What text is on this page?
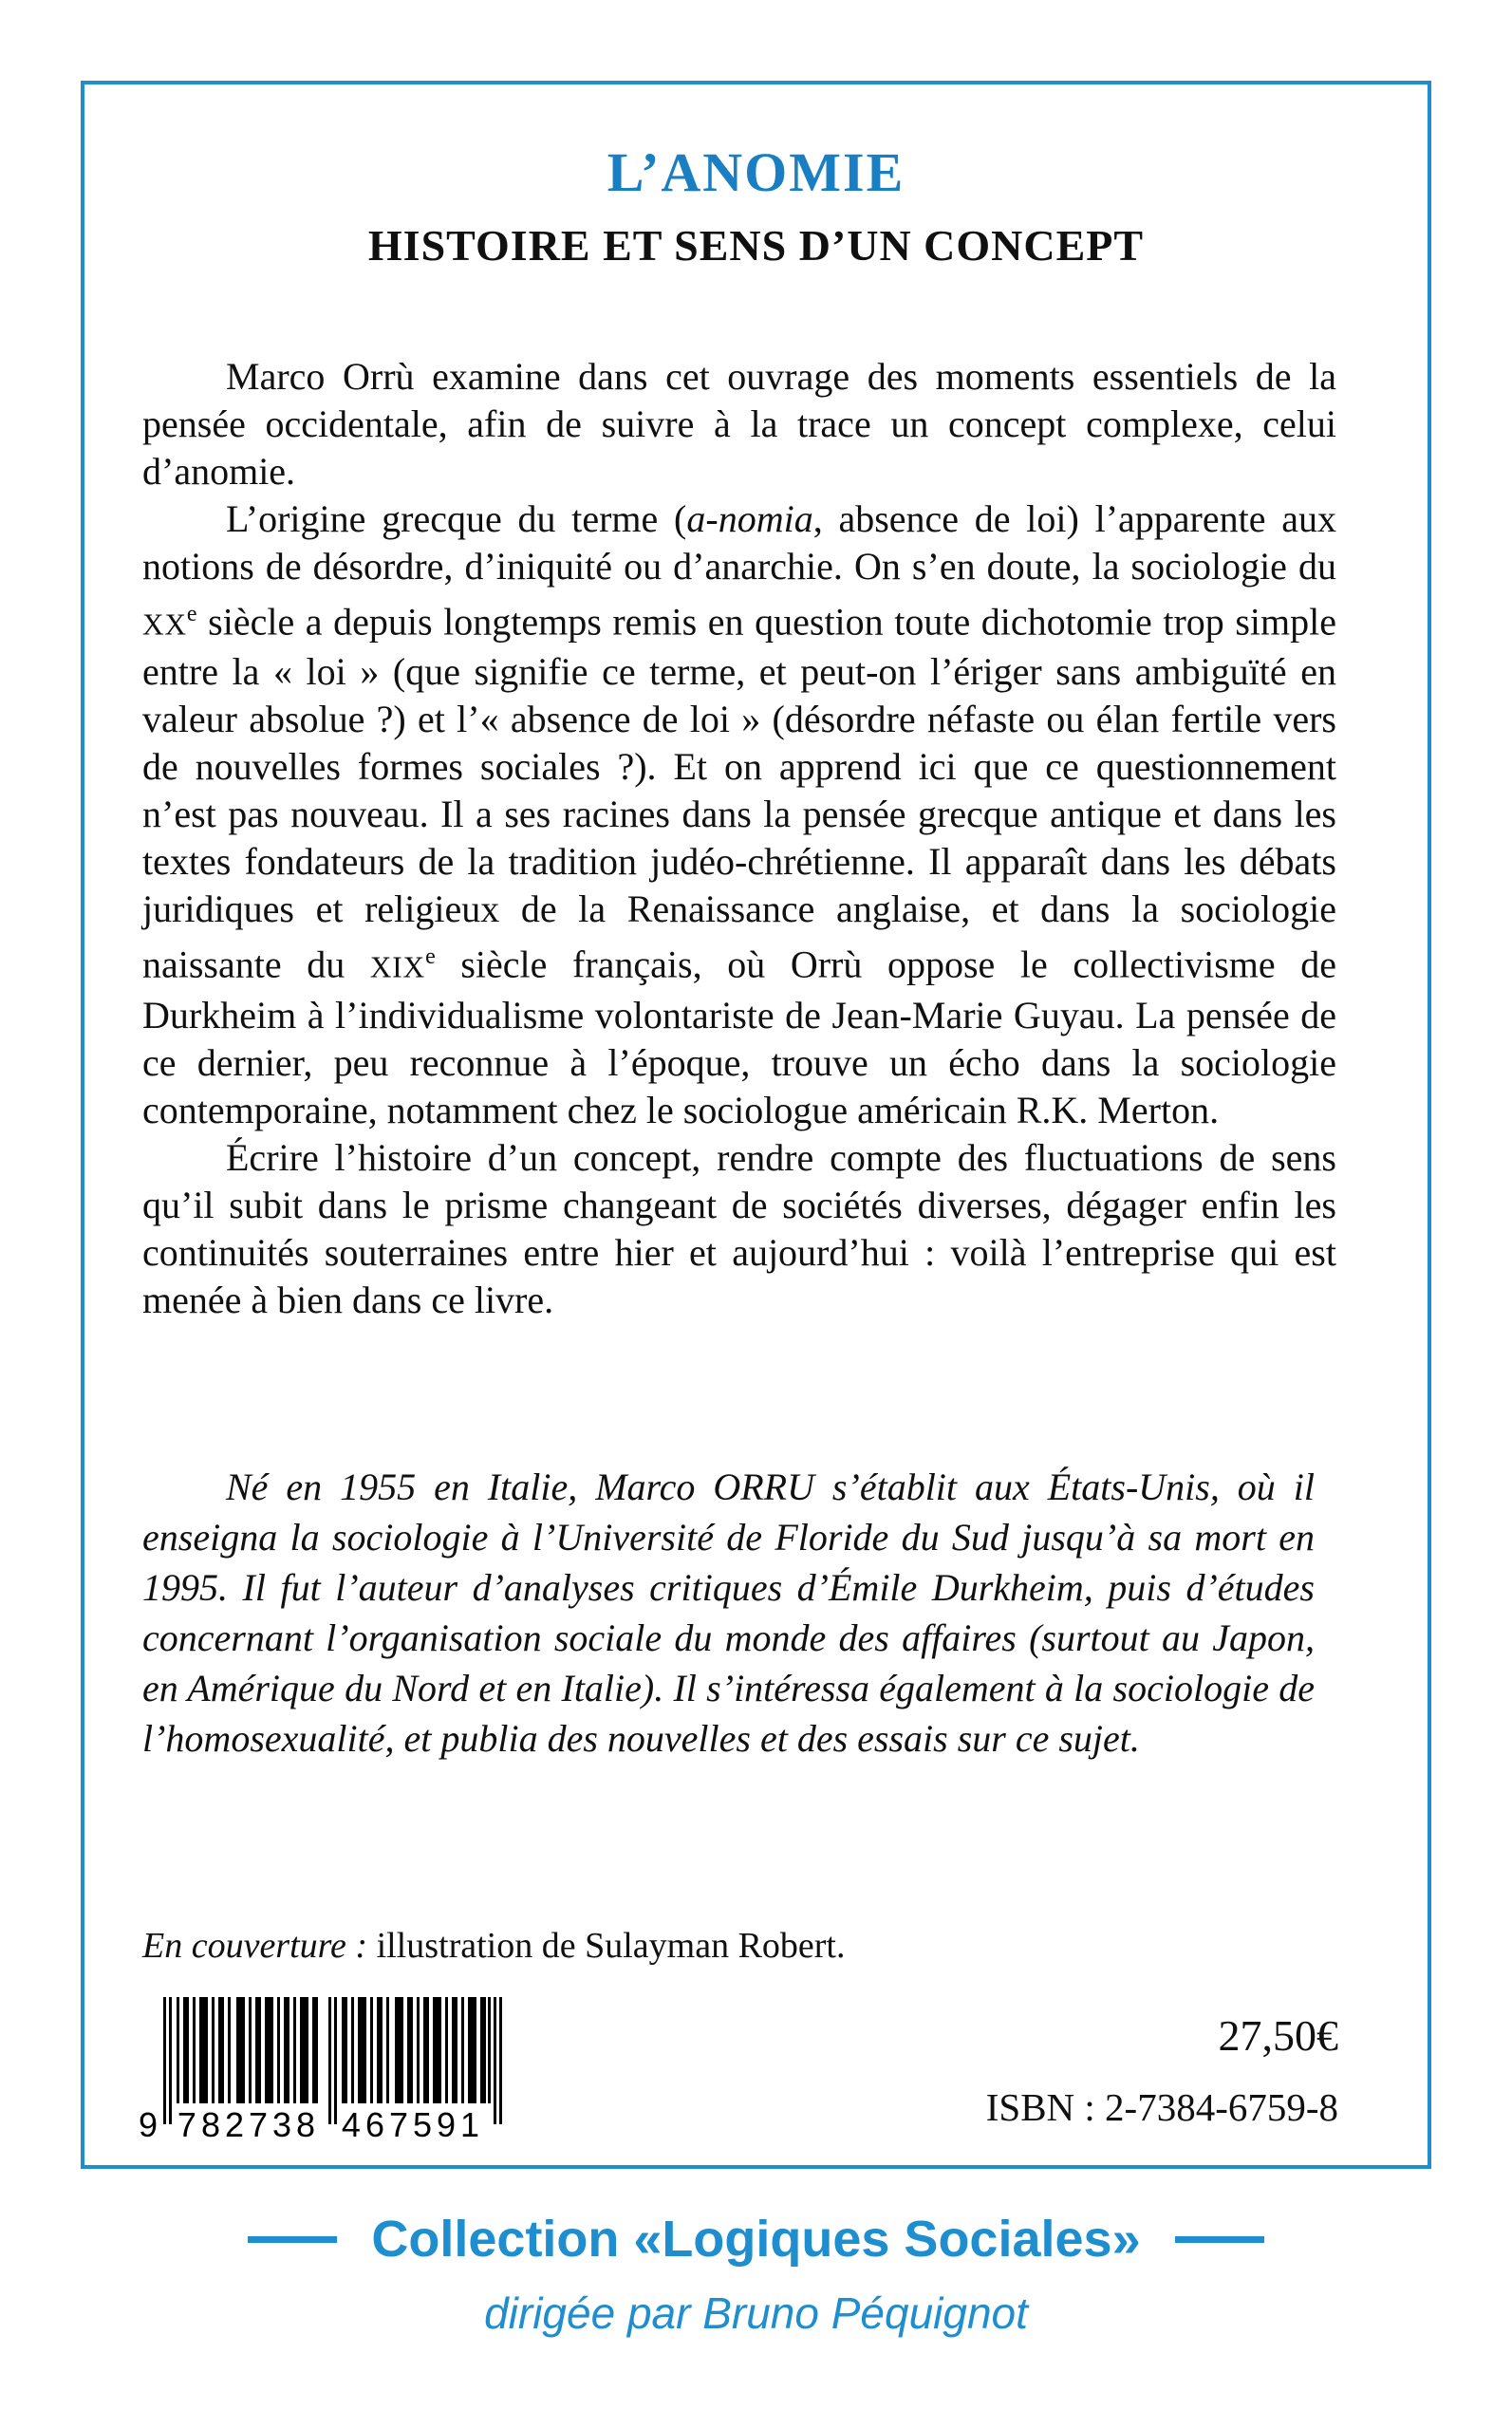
L’ANOMIE
HISTOIRE ET SENS D’UN CONCEPT

Marco Orrù examine dans cet ouvrage des moments essentiels de la pensée occidentale, afin de suivre à la trace un concept complexe, celui d’anomie.

L’origine grecque du terme (a-nomia, absence de loi) l’apparente aux notions de désordre, d’iniquité ou d’anarchie. On s’en doute, la sociologie du XXe siècle a depuis longtemps remis en question toute dichotomie trop simple entre la « loi » (que signifie ce terme, et peut-on l’ériger sans ambiguïté en valeur absolue ?) et l’« absence de loi » (désordre néfaste ou élan fertile vers de nouvelles formes sociales ?). Et on apprend ici que ce questionnement n’est pas nouveau. Il a ses racines dans la pensée grecque antique et dans les textes fondateurs de la tradition judéo-chrétienne. Il apparaît dans les débats juridiques et religieux de la Renaissance anglaise, et dans la sociologie naissante du XIXe siècle français, où Orrù oppose le collectivisme de Durkheim à l’individualisme volontariste de Jean-Marie Guyau. La pensée de ce dernier, peu reconnue à l’époque, trouve un écho dans la sociologie contemporaine, notamment chez le sociologue américain R.K. Merton.

Écrire l’histoire d’un concept, rendre compte des fluctuations de sens qu’il subit dans le prisme changeant de sociétés diverses, dégager enfin les continuités souterraines entre hier et aujourd’hui : voilà l’entreprise qui est menée à bien dans ce livre.

Né en 1955 en Italie, Marco ORRU s’établit aux États-Unis, où il enseigna la sociologie à l’Université de Floride du Sud jusqu’à sa mort en 1995. Il fut l’auteur d’analyses critiques d’Émile Durkheim, puis d’études concernant l’organisation sociale du monde des affaires (surtout au Japon, en Amérique du Nord et en Italie). Il s’intéressa également à la sociologie de l’homosexualité, et publia des nouvelles et des essais sur ce sujet.

En couverture : illustration de Sulayman Robert.

9 782738 467591
27,50€
ISBN : 2-7384-6759-8
Collection «Logiques Sociales»
dirigée par Bruno Péquignot
